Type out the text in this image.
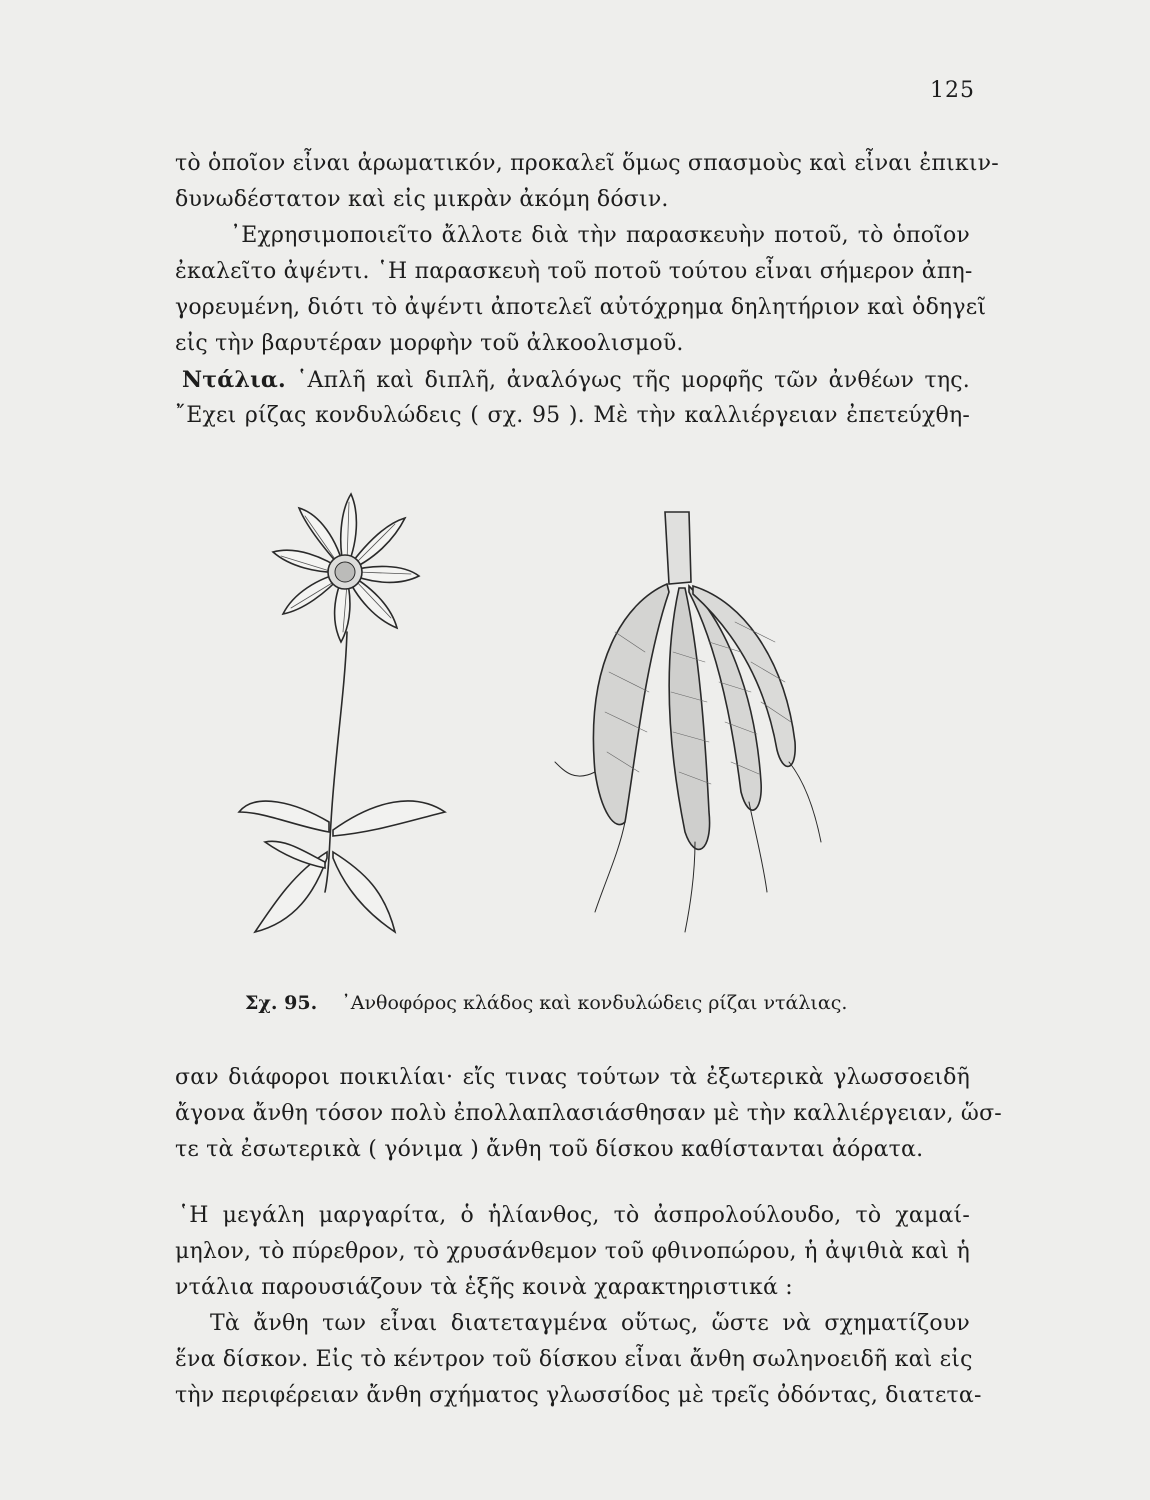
125
τὸ ὁποῖον εἶναι ἀρωματικόν, προκαλεῖ ὅμως σπασμοὺς καὶ εἶναι ἐπικιν-
δυνωδέστατον καὶ εἰς μικρὰν ἀκόμη δόσιν.
᾿Εχρησιμοποιεῖτο ἄλλοτε διὰ τὴν παρασκευὴν ποτοῦ, τὸ ὁποῖον
ἐκαλεῖτο ἀψέντι. ῾Η παρασκευὴ τοῦ ποτοῦ τούτου εἶναι σήμερον ἀπη-
γορευμένη, διότι τὸ ἀψέντι ἀποτελεῖ αὐτόχρημα δηλητήριον καὶ ὁδηγεῖ
εἰς τὴν βαρυτέραν μορφὴν τοῦ ἀλκοολισμοῦ.
Ντάλια. ῾Απλῆ καὶ διπλῆ, ἀναλόγως τῆς μορφῆς τῶν ἀνθέων της.
῎Εχει ρίζας κονδυλώδεις ( σχ. 95 ). Μὲ τὴν καλλιέργειαν ἐπετεύχθη-
Σχ. 95. ᾿Ανθοφόρος κλάδος καὶ κονδυλώδεις ρίζαι ντάλιας.
σαν διάφοροι ποικιλίαι· εἴς τινας τούτων τὰ ἐξωτερικὰ γλωσσοειδῆ
ἄγονα ἄνθη τόσον πολὺ ἐπολλαπλασιάσθησαν μὲ τὴν καλλιέργειαν, ὥσ-
τε τὰ ἐσωτερικὰ ( γόνιμα ) ἄνθη τοῦ δίσκου καθίστανται ἀόρατα.
῾Η μεγάλη μαργαρίτα, ὁ ἡλίανθος, τὸ ἀσπρολούλουδο, τὸ χαμαί-
μηλον, τὸ πύρεθρον, τὸ χρυσάνθεμον τοῦ φθινοπώρου, ἡ ἀψιθιὰ καὶ ἡ
ντάλια παρουσιάζουν τὰ ἑξῆς κοινὰ χαρακτηριστικά :
Τὰ ἄνθη των εἶναι διατεταγμένα οὕτως, ὥστε νὰ σχηματίζουν
ἕνα δίσκον. Εἰς τὸ κέντρον τοῦ δίσκου εἶναι ἄνθη σωληνοειδῆ καὶ εἰς
τὴν περιφέρειαν ἄνθη σχήματος γλωσσίδος μὲ τρεῖς ὀδόντας, διατετα-
